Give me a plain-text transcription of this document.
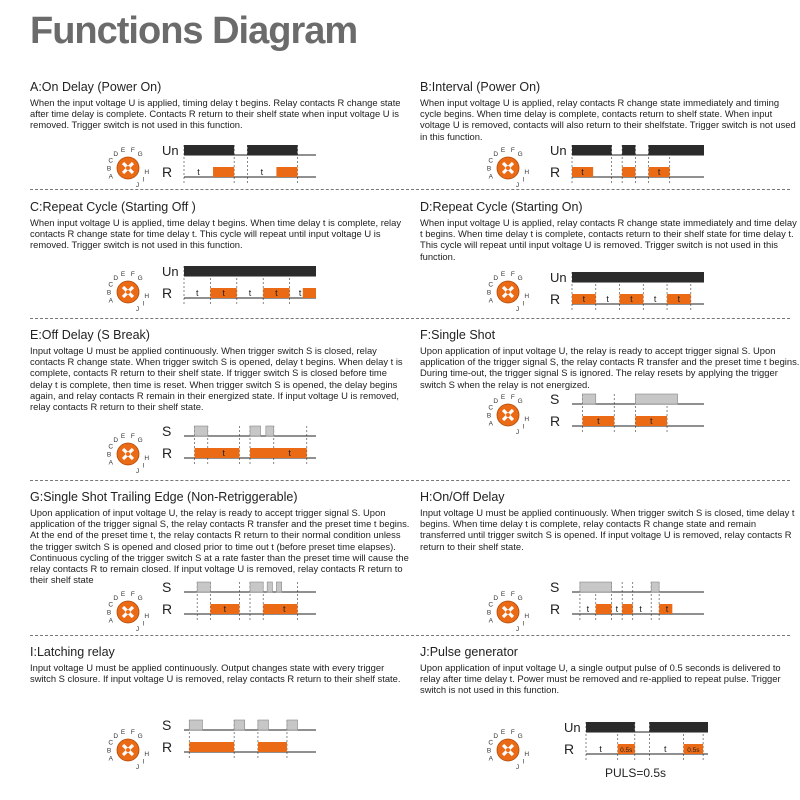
Functions Diagram
A:On Delay (Power On)
When the input voltage U is applied, timing delay t begins. Relay contacts R change state after time delay is complete. Contacts R return to their shelf state when input voltage U is removed. Trigger switch is not used in this function.
B:Interval (Power On)
When input voltage U is applied, relay contacts R change state immediately and timing cycle begins. When time delay is complete, contacts return to shelf state. When input voltage U is removed, contacts will also return to their shelfstate. Trigger switch is not used in this function.
C:Repeat Cycle (Starting Off )
When input voltage U is applied, time delay t begins. When time delay t is complete, relay contacts R change state for time delay t. This cycle will repeat until input voltage U is removed. Trigger switch is not used in this function.
D:Repeat Cycle (Starting On)
When input voltage U is applied, relay contacts R change state immediately and time delay t begins. When time delay t is complete, contacts return to their shelf state for time delay t. This cycle will repeat until input voltage U is removed. Trigger switch is not used in this function.
E:Off Delay (S Break)
Input voltage U must be applied continuously. When trigger switch S is closed, relay contacts R change state. When trigger switch S is opened, delay t begins. When delay t is complete, contacts R return to their shelf state. If trigger switch S is closed before time delay t is complete, then time is reset. When trigger switch S is opened, the delay begins again, and relay contacts R remain in their energized state. If input voltage U is removed, relay contacts R return to their shelf state.
F:Single Shot
Upon application of input voltage U, the relay is ready to accept trigger signal S. Upon application of the trigger signal S, the relay contacts R transfer and the preset time t begins. During time-out, the trigger signal S is ignored. The relay resets by applying the trigger switch S when the relay is not energized.
G:Single Shot Trailing Edge (Non-Retriggerable)
Upon application of input voltage U, the relay is ready to accept trigger signal S. Upon application of the trigger signal S, the relay contacts R transfer and the preset time t begins. At the end of the preset time t, the relay contacts R return to their normal condition unless the trigger switch S is opened and closed prior to time out t (before preset time elapses). Continuous cycling of the trigger switch S at a rate faster than the preset time will cause the relay contacts R to remain closed. If input voltage U is removed, relay contacts R return to their shelf state
H:On/Off Delay
Input voltage U must be applied continuously. When trigger switch S is closed, time delay t begins. When time delay t is complete, relay contacts R change state and remain transferred until trigger switch S is opened. If input voltage U is removed, relay contacts R return to their shelf state.
I:Latching relay
Input voltage U must be applied continuously. Output changes state with every trigger switch S closure. If input voltage U is removed, relay contacts R return to their shelf state.
J:Pulse generator
Upon application of input voltage U, a single output pulse of 0.5 seconds is delivered to relay after time delay t. Power must be removed and re-applied to repeat pulse. Trigger switch is not used in this function.
A
B
C
D
E F
G
H
I
J
A
B
C
D
E F
G
H
I
J
A
B
C
D
E F
G
H
I
J
A
B
C
D
E F
G
H
I
J
A
B
C
D
E F
G
H
I
J
A
B
C
D
E F
G
H
I
J
A
B
C
D
E F
G
H
I
J
A
B
C
D
E F
G
H
I
J
A
B
C
D
E F
G
H
I
J
A
B
C
D
E F
G
H
I
J
Un
R	t	t
Un
R t	t
Un
R	t	t	t	t t
Un
R t t t t t
S
R	t	t
S
R	t	t
S
R	t	t
S
R	t	t t	t
S
R
Un
R	t	t
0.5s	0.5s
PULS=0.5s
